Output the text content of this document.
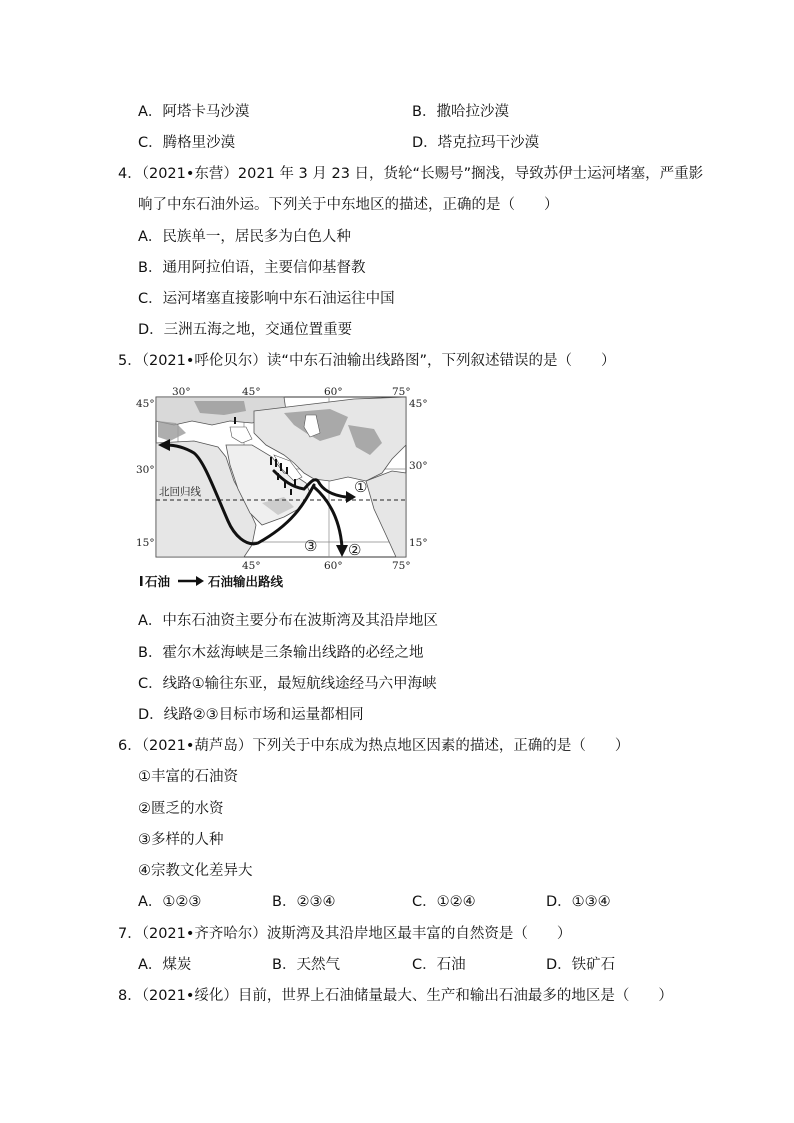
A．阿塔卡马沙漠	B．撒哈拉沙漠
C．腾格里沙漠	D．塔克拉玛干沙漠
4．（2021•东营）2021 年 3 月 23 日，货轮“长赐号”搁浅，导致苏伊士运河堵塞，严重影
响了中东石油外运。下列关于中东地区的描述，正确的是（　　）
A．民族单一，居民多为白色人种
B．通用阿拉伯语，主要信仰基督教
C．运河堵塞直接影响中东石油运往中国
D．三洲五海之地，交通位置重要
5．（2021•呼伦贝尔）读“中东石油输出线路图”，下列叙述错误的是（　　）
①
②
③
北回归线
30°	45°	60°	75°
45°	60°	75°
45°
30°
15°
45°
30°
15°
石油	石油输出路线
A．中东石油资主要分布在波斯湾及其沿岸地区
B．霍尔木兹海峡是三条输出线路的必经之地
C．线路①输往东亚，最短航线途经马六甲海峡
D．线路②③目标市场和运量都相同
6．（2021•葫芦岛）下列关于中东成为热点地区因素的描述，正确的是（　　）
①丰富的石油资
②匮乏的水资
③多样的人种
④宗教文化差异大
A．①②③	B．②③④	C．①②④	D．①③④
7．（2021•齐齐哈尔）波斯湾及其沿岸地区最丰富的自然资是（　　）
A．煤炭	B．天然气	C．石油	D．铁矿石
8．（2021•绥化）目前，世界上石油储量最大、生产和输出石油最多的地区是（　　）
